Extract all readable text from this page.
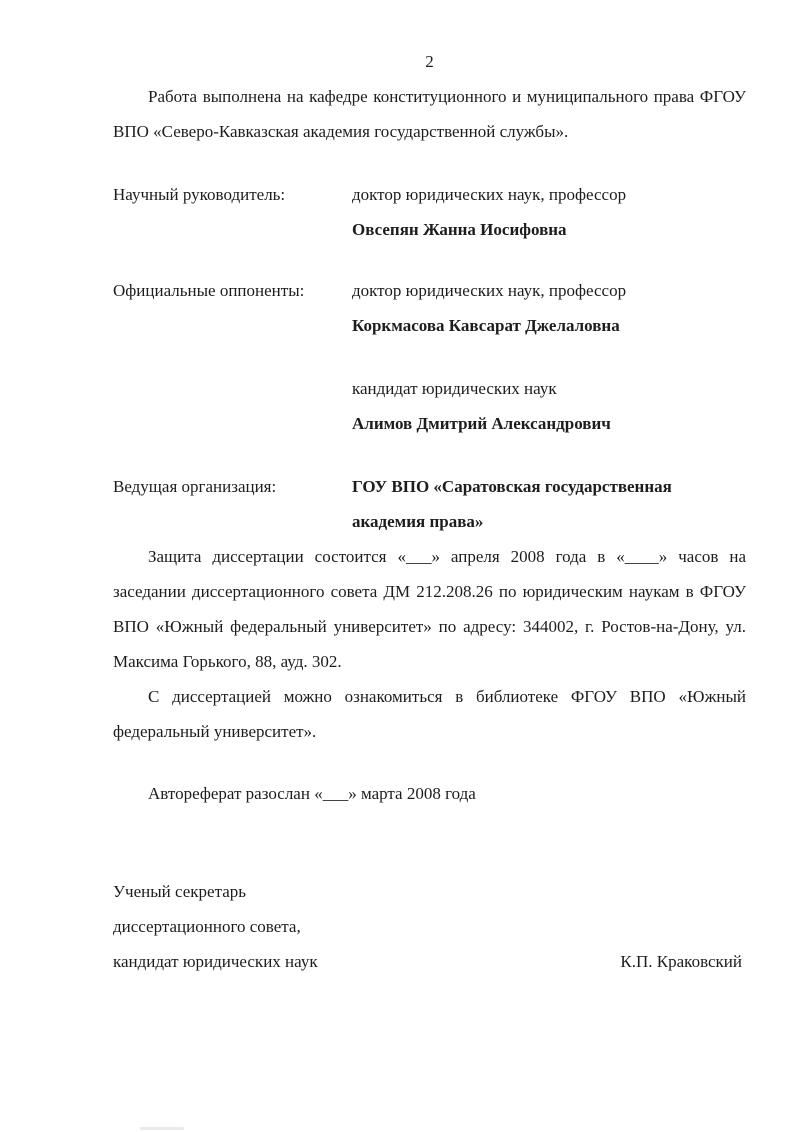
2

Работа выполнена на кафедре конституционного и муниципального права ФГОУ ВПО «Северо-Кавказская академия государственной службы».

Научный руководитель:	доктор юридических наук, профессор
Овсепян Жанна Иосифовна
Официальные оппоненты:	доктор юридических наук, профессор
Коркмасова Кавсарат Джелаловна
кандидат юридических наук
Алимов Дмитрий Александрович
Ведущая организация:	ГОУ ВПО «Саратовская государственная академия права»

Защита диссертации состоится «___» апреля 2008 года в «____» часов на заседании диссертационного совета ДМ 212.208.26 по юридическим наукам в ФГОУ ВПО «Южный федеральный университет» по адресу: 344002, г. Ростов-на-Дону, ул. Максима Горького, 88, ауд. 302.

С диссертацией можно ознакомиться в библиотеке ФГОУ ВПО «Южный федеральный университет».

Автореферат разослан «___» марта 2008 года

Ученый секретарь
диссертационного совета,
кандидат юридических наук	К.П. Краковский
